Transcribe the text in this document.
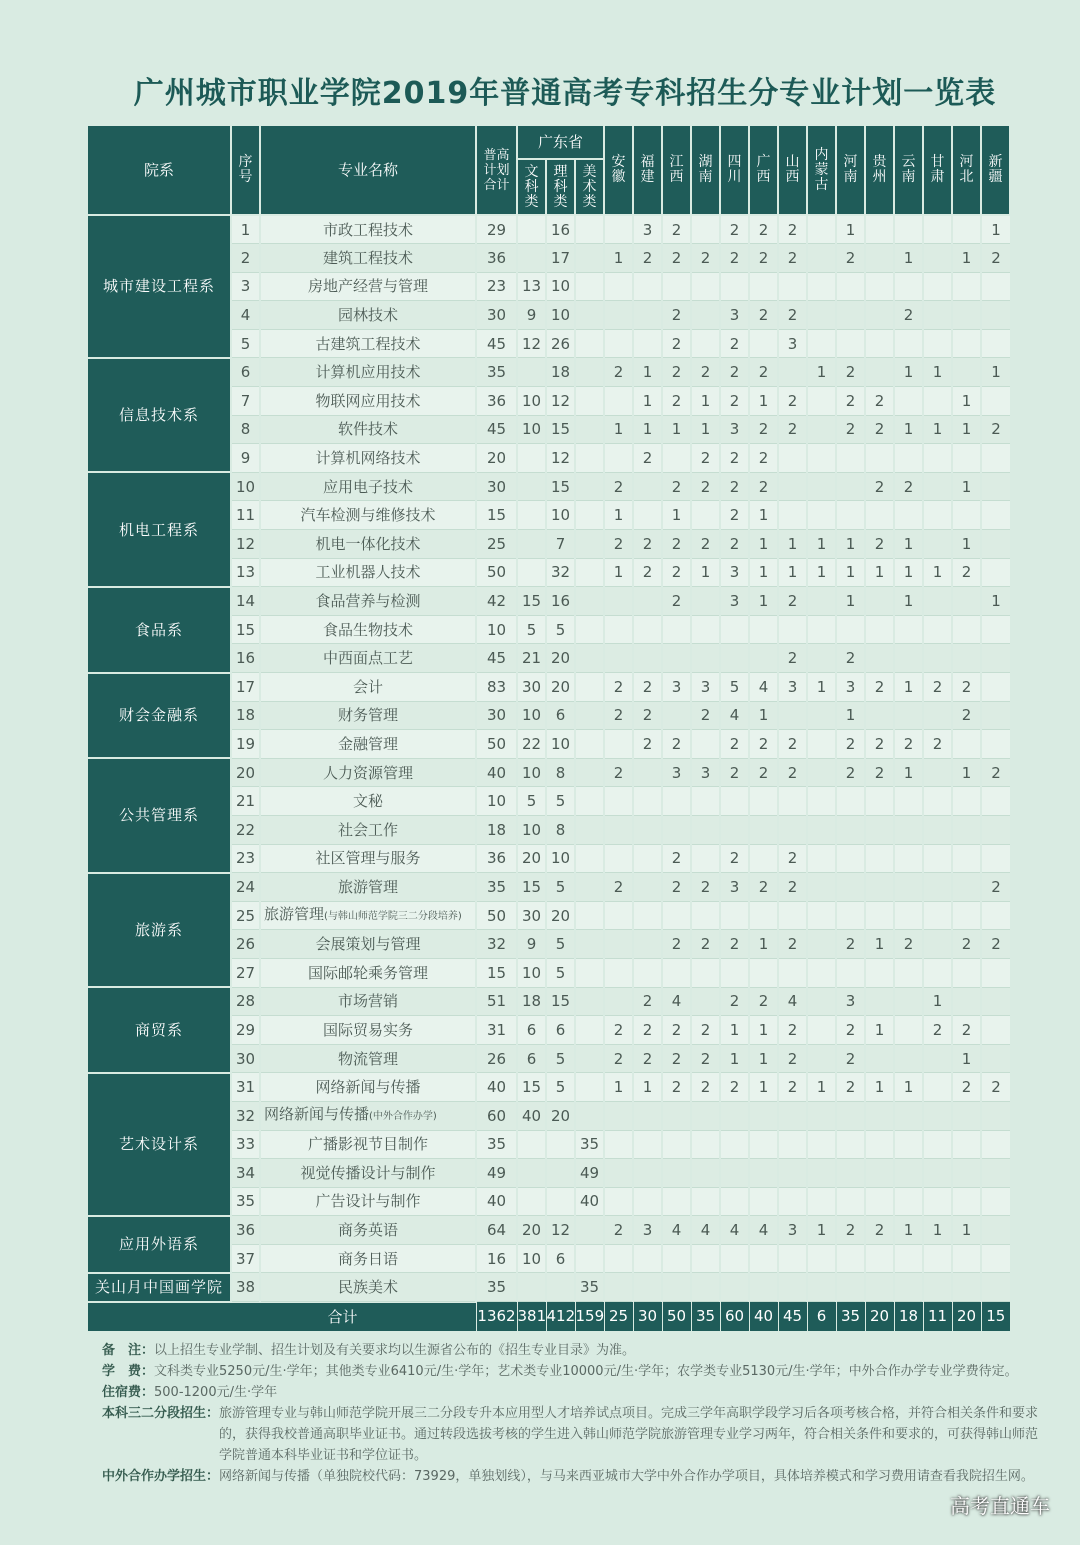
广州城市职业学院2019年普通高考专科招生分专业计划一览表
院系	序号	专业名称	普高计划合计	广东省			安徽	福建	江西	湖南	四川	广西	山西	内蒙古	河南	贵州	云南	甘肃	河北	新疆
				文科类	理科类	美术类														
城市建设工程系	1	市政工程技术	29		16			3	2		2	2	2		1					1
	2	建筑工程技术	36		17		1	2	2	2	2	2	2		2		1		1	2
	3	房地产经营与管理	23	13	10															
	4	园林技术	30	9	10				2		3	2	2				2			
	5	古建筑工程技术	45	12	26				2		2		3							
信息技术系	6	计算机应用技术	35		18		2	1	2	2	2	2		1	2		1	1		1
	7	物联网应用技术	36	10	12			1	2	1	2	1	2		2	2			1	
	8	软件技术	45	10	15		1	1	1	1	3	2	2		2	2	1	1	1	2
	9	计算机网络技术	20		12			2		2	2	2								
机电工程系	10	应用电子技术	30		15		2		2	2	2	2				2	2		1	
	11	汽车检测与维修技术	15		10		1		1		2	1								
	12	机电一体化技术	25		7		2	2	2	2	2	1	1	1	1	2	1		1	
	13	工业机器人技术	50		32		1	2	2	1	3	1	1	1	1	1	1	1	2	
食品系	14	食品营养与检测	42	15	16				2		3	1	2		1		1			1
	15	食品生物技术	10	5	5															
	16	中西面点工艺	45	21	20								2		2					
财会金融系	17	会计	83	30	20		2	2	3	3	5	4	3	1	3	2	1	2	2	
	18	财务管理	30	10	6		2	2		2	4	1			1				2	
	19	金融管理	50	22	10			2	2		2	2	2		2	2	2	2		
公共管理系	20	人力资源管理	40	10	8		2		3	3	2	2	2		2	2	1		1	2
	21	文秘	10	5	5															
	22	社会工作	18	10	8															
	23	社区管理与服务	36	20	10				2		2		2							
旅游系	24	旅游管理	35	15	5		2		2	2	3	2	2							2
	25	旅游管理(与韩山师范学院三二分段培养)	50	30	20															
	26	会展策划与管理	32	9	5				2	2	2	1	2		2	1	2		2	2
	27	国际邮轮乘务管理	15	10	5															
商贸系	28	市场营销	51	18	15			2	4		2	2	4		3			1		
	29	国际贸易实务	31	6	6		2	2	2	2	1	1	2		2	1		2	2	
	30	物流管理	26	6	5		2	2	2	2	1	1	2		2				1	
艺术设计系	31	网络新闻与传播	40	15	5		1	1	2	2	2	1	2	1	2	1	1		2	2
	32	网络新闻与传播(中外合作办学)	60	40	20															
	33	广播影视节目制作	35			35														
	34	视觉传播设计与制作	49			49														
	35	广告设计与制作	40			40														
应用外语系	36	商务英语	64	20	12		2	3	4	4	4	4	3	1	2	2	1	1	1	
	37	商务日语	16	10	6															
关山月中国画学院	38	民族美术	35			35														
合计			1362	381	412	159	25	30	50	35	60	40	45	6	35	20	18	11	20	15
备　注： 以上招生专业学制、招生计划及有关要求均以生源省公布的《招生专业目录》为准。
学　费： 文科类专业5250元/生·学年；其他类专业6410元/生·学年；艺术类专业10000元/生·学年；农学类专业5130元/生·学年；中外合作办学专业学费待定。
住宿费： 500-1200元/生·学年
本科三二分段招生： 旅游管理专业与韩山师范学院开展三二分段专升本应用型人才培养试点项目。完成三学年高职学段学习后各项考核合格，并符合相关条件和要求的，获得我校普通高职毕业证书。通过转段选拔考核的学生进入韩山师范学院旅游管理专业学习两年，符合相关条件和要求的，可获得韩山师范学院普通本科毕业证书和学位证书。
中外合作办学招生： 网络新闻与传播（单独院校代码：73929，单独划线），与马来西亚城市大学中外合作办学项目，具体培养模式和学习费用请查看我院招生网。
高考直通车
